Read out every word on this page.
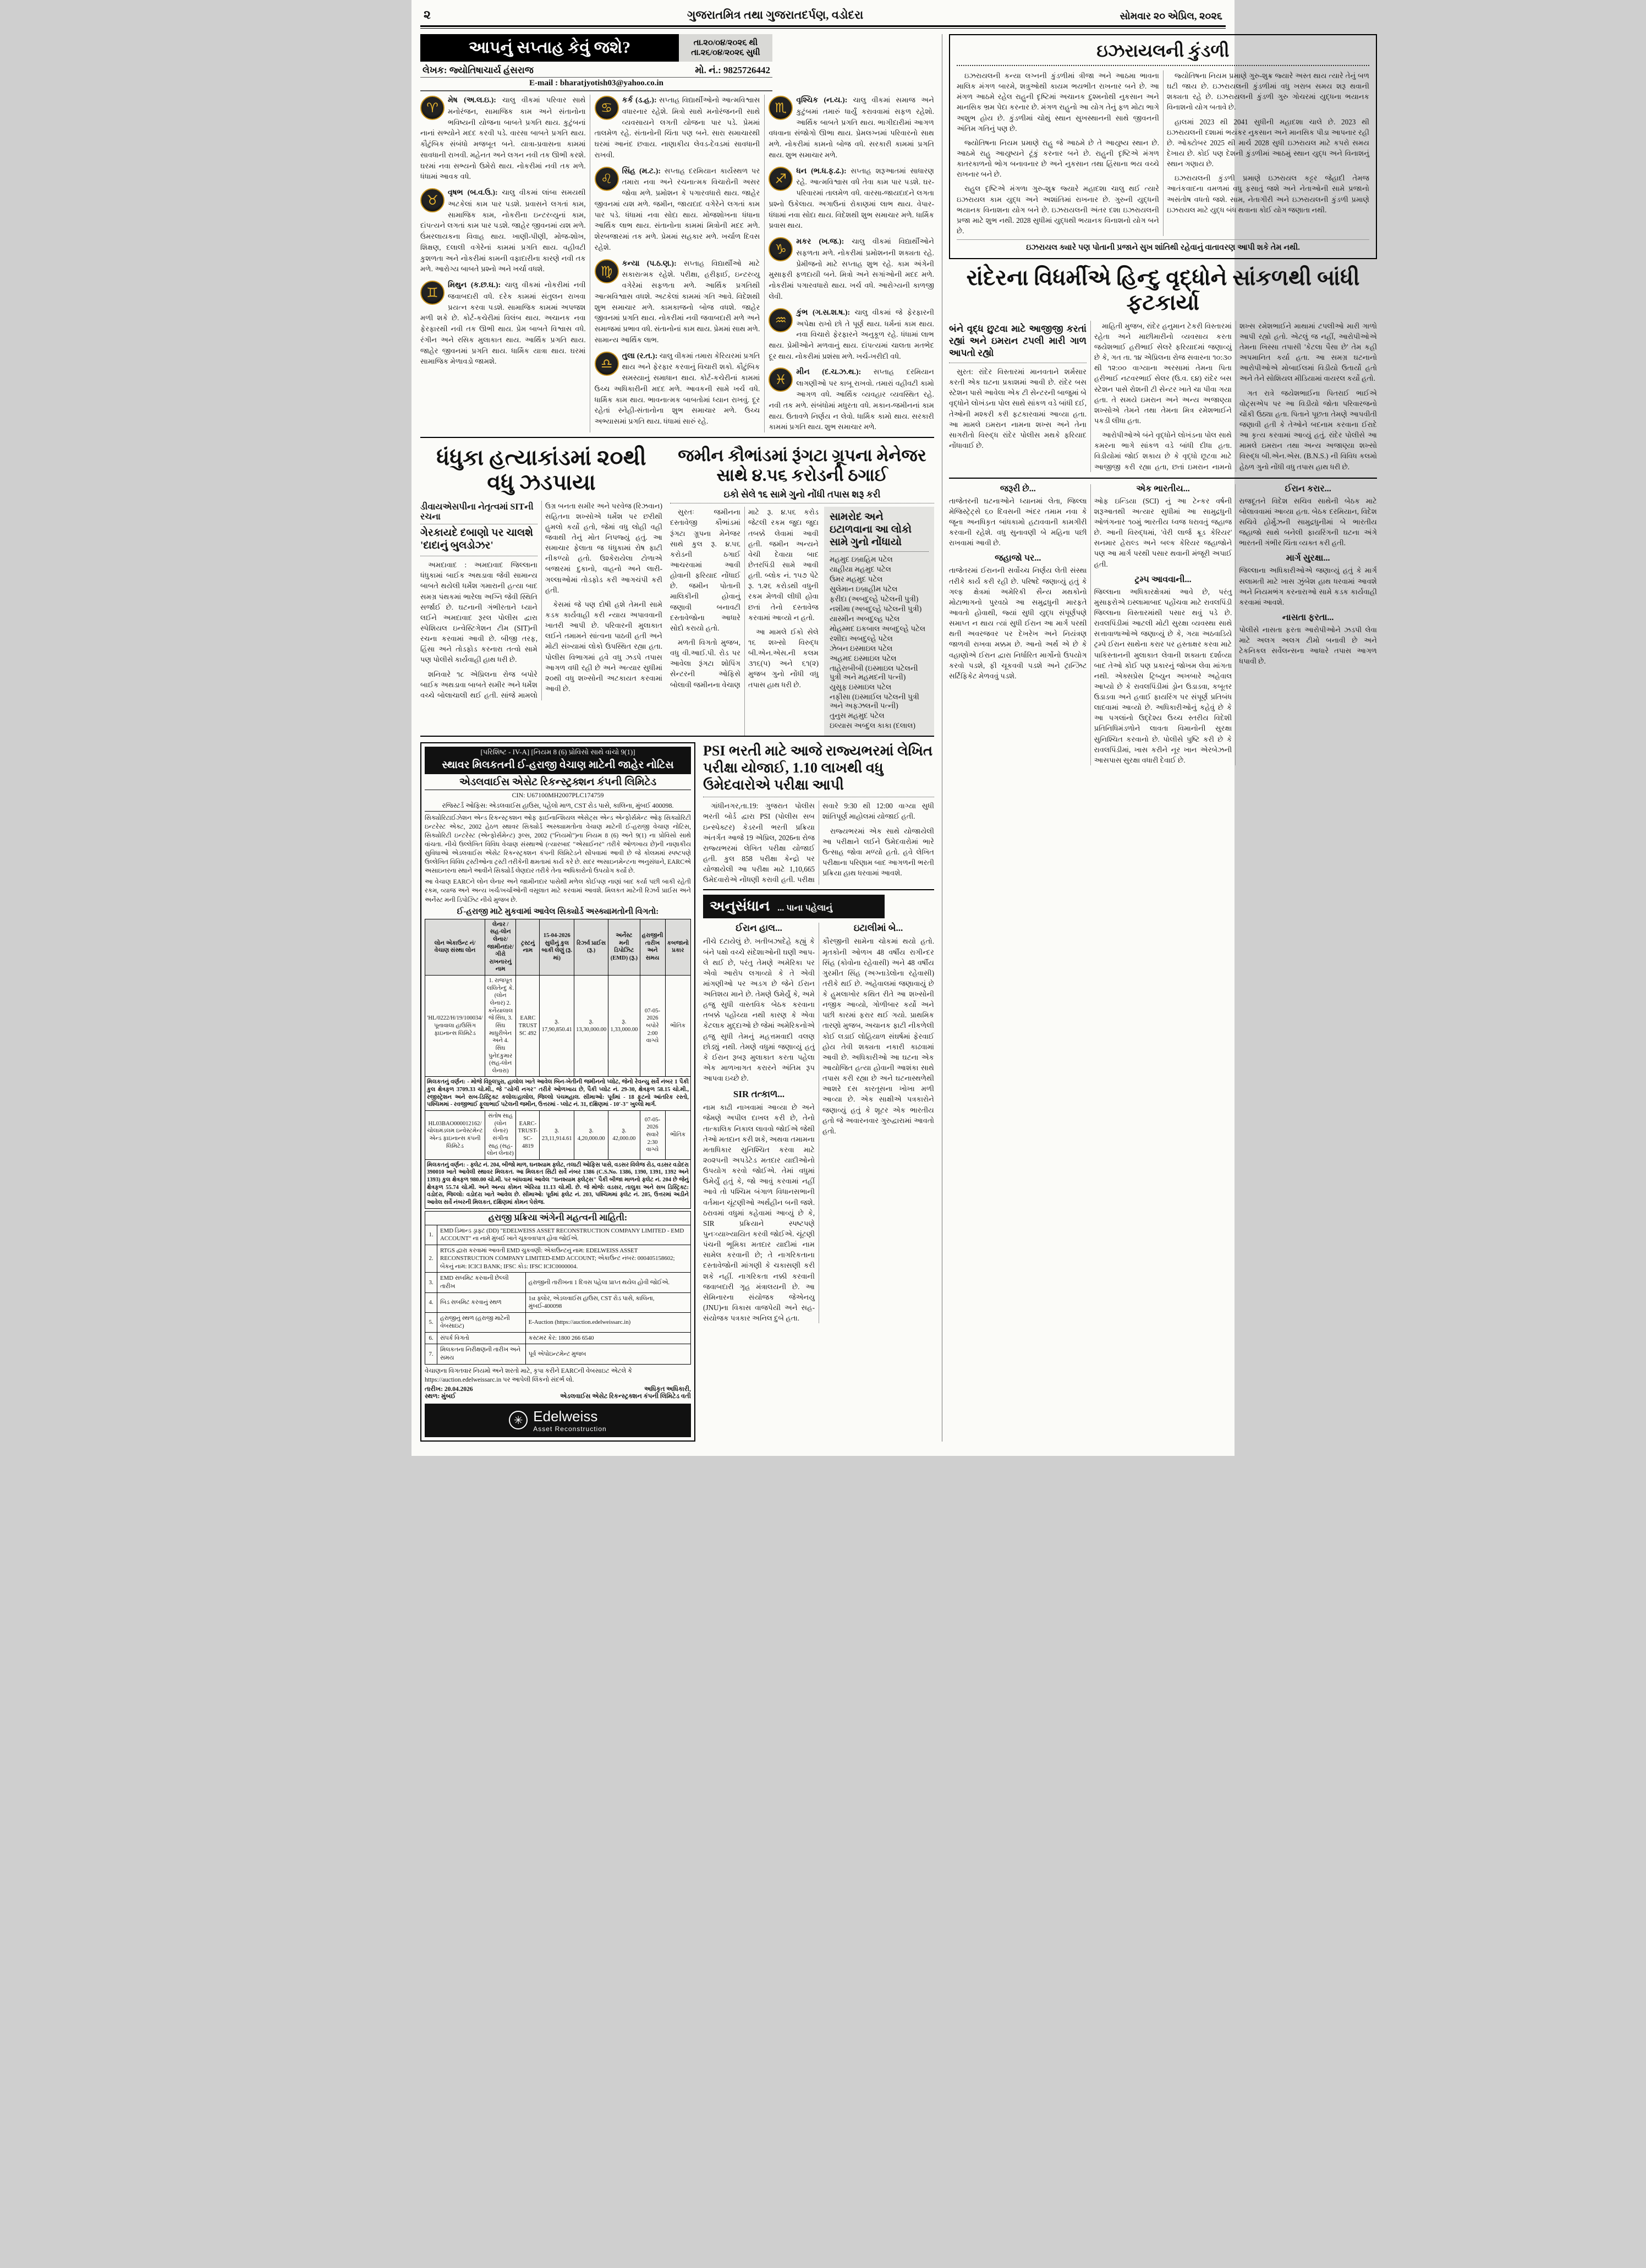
૨	ગુજરાતમિત્ર તથા ગુજરાતદર્પણ, વડોદરા	સોમવાર ૨૦ એપ્રિલ, ૨૦૨૬
આપનું સપ્તાહ કેવું જશે?	તા.૨૦/૦૪/૨૦૨૬ થી તા.૨૬/૦૪/૨૦૨૬ સુધી
લેખક: જ્યોતિષાચાર્ય હંસરાજ	મો. નં.: 9825726442
E-mail : bharatjyotish03@yahoo.co.in
♈ મેષ (અ.લ.ઇ.): ચાલુ વીકમાં પરિવાર સાથે મનોરંજન, સામાજિક કામ અને સંતાનોના ભવિષ્યની યોજના બાબતે પ્રગતિ થાય. કુટુંબનાં નાનાં સભ્યોને મદદ કરવી પડે. વારસા બાબતે પ્રગતિ થાય. કૌટુંબિક સંબંધો મજબૂત બને. યાત્રા-પ્રવાસના કામમાં સાવધાની રાખવી. મહેનત અને લગન નવી તક ઊભી કરશે. ઘરમાં નવા સભ્યનો ઉમેરો થાય. નોકરીમાં નવી તક મળે. ધંધામાં આવક વધે.
♉ વૃષભ (બ.વ.ઉ.): ચાલુ વીકમાં લાંબા સમયથી અટકેલાં કામ પાર પડશે. પ્રવાસને લગતાં કામ, સામાજિક કામ, નોકરીના ઇન્ટરવ્યુનાં કામ, દાંપત્યને લગતાં કામ પાર પડશે. જાહેર જીવનમાં યશ મળે. ઉંમરલાયકના વિવાહ થાય. ખાણી-પીણી, મોજ-શોખ, શિક્ષણ, દલાલી વગેરેનાં કામમાં પ્રગતિ થાય. વહીવટી કુશળતા અને નોકરીમાં કામની વફાદારીના કારણે નવી તક મળે. આરોગ્ય બાબતે પ્રશ્નો અને ખર્ચા વધશે.
♊ મિથુન (ક.છ.ઘ.): ચાલુ વીકમાં નોકરીમાં નવી જવાબદારી વધે. દરેક કામમાં સંતુલન રાખવા પ્રયત્ન કરવા પડશે. સામાજિક કામમાં અપજશ મળી શકે છે. કોર્ટ-કચેરીમાં વિલંબ થાય. અચાનક નવા ફેરફારથી નવી તક ઊભી થાય. પ્રેમ બાબતે વિશ્વાસ વધે. રંગીન અને રસિક મુલાકાત થાય. આર્થિક પ્રગતિ થાય. જાહેર જીવનમાં પ્રગતિ થાય. ધાર્મિક યાત્રા થાય. ઘરમાં સામાજિક મેળાવડો જામશે.
♋ કર્ક (ડ.હ.): સપ્તાહ વિદ્યાર્થીઓનો આત્મવિશ્વાસ વધારનાર રહેશે. મિત્રો સાથે મનોરંજનની સાથે વ્યવસાયને લગતી યોજના પાર પડે. પ્રેમમાં તાલમેળ રહે. સંતાનોની ચિંતા પણ બને. સારા સમાચારથી ઘરમાં આનંદ છવાય. નાણાકીય લેવડ-દેવડમાં સાવધાની રાખવી.
♌ સિંહ (મ.ટ.): સપ્તાહ દરમિયાન કાર્યસ્થળ પર તમારા નવા અને રચનાત્મક વિચારોની અસર જોવા મળે. પ્રમોશન કે પગારવધારો થાય. જાહેર જીવનમાં યશ મળે. જમીન, જાયદાદ વગેરેને લગતાં કામ પાર પડે. ધંધામાં નવા સોદા થાય. મોજશોખના ધંધાના આર્થિક લાભ થાય. સંતાનોના કામમાં મિત્રોની મદદ મળે. શેરબજારમાં તક મળે. પ્રેમમાં સહકાર મળે. ખર્ચાળ દિવસ રહેશે.
♍ કન્યા (પ.ઠ.ણ.): સપ્તાહ વિદ્યાર્થીઓ માટે સકારાત્મક રહેશે. પરીક્ષા, હરીફાઈ, ઇન્ટરવ્યુ વગેરેમાં સફળતા મળે. આર્થિક પ્રગતિથી આત્મવિશ્વાસ વધશે. અટકેલાં કામમાં ગતિ આવે. વિદેશથી શુભ સમાચાર મળે. કામકાજનો બોજ વધશે. જાહેર જીવનમાં પ્રગતિ થાય. નોકરીમાં નવી જવાબદારી મળે અને સમાજમાં પ્રભાવ વધે. સંતાનોનાં કામ થાય. પ્રેમમાં સાથ મળે. સામાન્ય આર્થિક લાભ.
♎ તુલા (ર.ત.): ચાલુ વીકમાં તમારા કેરિયરમાં પ્રગતિ થાય અને ફેરફાર કરવાનું વિચારી શકો. કૌટુંબિક સમસ્યાનું સમાધાન થાય. કોર્ટ-કચેરીનાં કામમાં ઉચ્ચ અધિકારીની મદદ મળે. આવકની સામે ખર્ચ વધે. ધાર્મિક કામ થાય. ભાવનાત્મક બાબતોમાં ધ્યાન રાખવું. દૂર રહેતાં સ્નેહી-સંતાનોના શુભ સમાચાર મળે. ઉચ્ચ અભ્યાસમાં પ્રગતિ થાય. ધંધામાં સારું રહે.
♏ વૃશ્ચિક (ન.ય.): ચાલુ વીકમાં સમાજ અને કુટુંબમાં તમારું ધાર્યું કરાવવામાં સફળ રહેશો. આર્થિક બાબતે પ્રગતિ થાય. ભાગીદારીમાં આગળ વધવાના સંજોગો ઊભા થાય. પ્રેમલગ્નમાં પરિવારનો સાથ મળે. નોકરીમાં કામનો બોજ વધે. સરકારી કામમાં પ્રગતિ થાય. શુભ સમાચાર મળે.
♐ ધન (ભ.ધ.ફ.ઢ.): સપ્તાહ શરૂઆતમાં સાધારણ રહે. આત્મવિશ્વાસ વધે તેવા કામ પાર પડશે. ઘર-પરિવારમાં તાલમેળ વધે. વારસા-જાયદાદને લગતા પ્રશ્નો ઉકેલાય. અગાઉનાં રોકાણમાં લાભ થાય. વેપાર-ધંધામાં નવા સોદા થાય. વિદેશથી શુભ સમાચાર મળે. ધાર્મિક પ્રવાસ થાય.
♑ મકર (ખ.જ.): ચાલુ વીકમાં વિદ્યાર્થીઓને સફળતા મળે. નોકરીમાં પ્રમોશનની શક્યતા રહે. પ્રેમીજનો માટે સપ્તાહ શુભ રહે. કામ અંગેની મુસાફરી ફળદાયી બને. મિત્રો અને સગાંઓની મદદ મળે. નોકરીમાં પગારવધારો થાય. ખર્ચ વધે. આરોગ્યની કાળજી લેવી.
♒ કુંભ (ગ.સ.શ.ષ.): ચાલુ વીકમાં જે ફેરફારની અપેક્ષા રાખો છો તે પૂર્ણ થાય. ધર્મનાં કામ થાય. નવા વિચારો ફેરફારને અનુકૂળ રહે. ધંધામાં લાભ થાય. પ્રેમીઓને મળવાનું થાય. દાંપત્યમાં ચાલતા મતભેદ દૂર થાય. નોકરીમાં પ્રશંસા મળે. ખર્ચ-ખરીદી વધે.
♓ મીન (દ.ચ.ઝ.થ.): સપ્તાહ દરમિયાન લાગણીઓ પર કાબૂ રાખવો. તમારાં વહીવટી કામો આગળ વધે. આર્થિક વ્યવહાર વ્યવસ્થિત રહે. નવી તક મળે. સંબંધોમાં મધુરતા વધે. મકાન-જમીનનાં કામ થાય. ઉતાવળે નિર્ણય ન લેવો. ધાર્મિક કામો થાય. સરકારી કામમાં પ્રગતિ થાય. શુભ સમાચાર મળે.
ધંધુકા હત્યાકાંડમાં ૨૦થી વધુ ઝડપાયા
ડીવાયએસપીના નેતૃત્વમાં SITની રચના
ગેરકાયદે દબાણો પર ચાલશે 'દાદાનું બુલડોઝર'

અમદાવાદ : અમદાવાદ જિલ્લાના ધંધુકામાં બાઈક અથડાવા જેવી સામાન્ય બાબતે થયેલી ધર્મેશ ગમારાની હત્યા બાદ સમગ્ર પંથકમાં ભારેલા અગ્નિ જેવી સ્થિતિ સર્જાઈ છે. ઘટનાની ગંભીરતાને ધ્યાને લઈને અમદાવાદ રૂરલ પોલીસ દ્વારા સ્પેશિયલ ઇન્વેસ્ટિગેશન ટીમ (SIT)ની રચના કરવામાં આવી છે. બીજી તરફ, હિંસા અને તોડફોડ કરનારા તત્વો સામે પણ પોલીસે કાર્યવાહી હાથ ધરી છે.

શનિવારે ૧૮ એપ્રિલના રોજ બપોરે બાઈક અથડાવા બાબતે સમીર અને ધર્મેશ વચ્ચે બોલાચાલી થઈ હતી. સાંજે મામલો ઉગ્ર બનતા સમીર અને પરવેજ (રિઝવાન) સહિતના શખ્સોએ ધર્મેશ પર છરીથી હુમલો કર્યો હતો, જેમાં વધુ લોહી વહી જવાથી તેનું મોત નિપજ્યું હતું. આ સમાચાર ફેલાતા જ ધંધુકામાં રોષ ફાટી નીકળ્યો હતો. ઉશ્કેરાયેલા ટોળાએ બજારમાં દુકાનો, વાહનો અને લારી-ગલ્લાઓમાં તોડફોડ કરી આગચંપી કરી હતી.

કેસમાં જે પણ દોષી હશે તેમની સામે કડક કાર્યવાહી કરી ન્યાય અપાવવાની ખાતરી આપી છે. પરિવારની મુલાકાત લઈને તમામને સાંત્વના પાઠવી હતી અને મોટી સંખ્યામાં લોકો ઉપસ્થિત રહ્યા હતા. પોલીસ વિભાગમાં હવે વધુ ઝડપે તપાસ આગળ વધી રહી છે અને અત્યાર સુધીમાં ૨૦થી વધુ શખ્સોની અટકાયત કરવામાં આવી છે.

જમીન કૌભાંડમાં રૂંગટા ગ્રૂપના મેનેજર સાથે ૪.૫૬ કરોડની ઠગાઈ
ઇકો સેલે ૧૬ સામે ગુનો નોંધી તપાસ શરૂ કરી

સુરતઃ જમીનના દસ્તાવેજી કૌભાંડમાં રૂંગટા ગ્રૂપના મેનેજર સાથે કુલ રૂ. ૪.૫૬ કરોડની ઠગાઈ આચરવામાં આવી હોવાની ફરિયાદ નોંધાઈ છે. જમીન પોતાની માલિકીની હોવાનું જણાવી બનાવટી દસ્તાવેજોના આધારે સોદો કરાયો હતો.

મળતી વિગતો મુજબ, વધુ વી.આઈ.પી. રોડ પર આવેલા રૂંગટા શોપિંગ સેન્ટરની ઓફિસે બોલાવી જમીનના વેચાણ માટે રૂ. ૪.૫૬ કરોડ જેટલી રકમ જુદા જુદા તબક્કે લેવામાં આવી હતી. જમીન અન્યને વેચી દેવાયા બાદ છેતરપિંડી સામે આવી હતી. બ્લોક નં. ૧૫૭ પેટે રૂ. ૧.૨૬ કરોડથી વધુની રકમ મેળવી લીધી હોવા છતાં તેનો દસ્તાવેજ કરવામાં આવ્યો ન હતો.

આ મામલે ઈકો સેલે ૧૬ શખ્સો વિરુદ્ધ બી.એન.એસ.ની કલમ ૩૧૬(૫) અને ૬૧(૨) મુજબ ગુનો નોંધી વધુ તપાસ હાથ ધરી છે.

સામરોદ અને ઇટાળવાના આ લોકો સામે ગુનો નોંધાયો
મહમુદ ઇબ્રાહિમ પટેલ
યાહીયા મહમુદ પટેલ
ઉમર મહમુદ પટેલ
સુલેમાન ઇબ્રાહીમ પટેલ
ફરીદા (અબદુલ્હે પટેલની પુત્રી)
નશીમા (અબદુલ્હે પટેલની પુત્રી)
યાસ્મીન અબદુલ્હ પટેલ
મોહમ્મદ ઇકબાલ અબદુલ્હે પટેલ
રશીદા અબદુલ્હે પટેલ
ઝેબન ઇસ્માઇલ પટેલ
અહમદ ઇસ્માઇલ પટેલ
તાહેરાબીબી (ઇસ્માઇલ પટેલની પુત્રી અને મહમદની પત્ની)
યુસુફ ઇસ્માઇલ પટેલ
નફીસા (ઇસ્માઈલ પટેલની પુત્રી અને અફઝલની પત્ની)
તુનુસ મહમુદ પટેલ
ઇલ્યાસ અબ્દુલ કાકા (દલાલ)
[પરિશિષ્ટ - IV-A] [નિયમ 8 (6) પ્રોવિસો સાથે વાંચો 9(1)]
સ્થાવર મિલકતની ઈ-હરાજી વેચાણ માટેની જાહેર નોટિસ
એડલવાઈસ એસેટ રિકન્સ્ટ્રક્શન કંપની લિમિટેડ
CIN: U67100MH2007PLC174759
રજિસ્ટર્ડ ઓફિસ: એડલવાઈસ હાઉસ, પહેલો માળ, CST રોડ પાસે, કાલિના, મુંબઈ 400098.

સિક્યોરિટાઈઝેશન એન્ડ રિકન્સ્ટ્રક્શન ઓફ ફાઈનાન્શિયલ એસેટ્સ એન્ડ એન્ફોર્સમેન્ટ ઓફ સિક્યોરિટી ઇન્ટરેસ્ટ એક્ટ, 2002 હેઠળ સ્થાવર સિક્યોર્ડ અસ્ક્યામતોના વેચાણ માટેની ઈ-હરાજી વેચાણ નોટિસ, સિક્યોરિટી ઇન્ટરેસ્ટ (એન્ફોર્સમેન્ટ) રૂલ્સ, 2002 ("નિયમો")ના નિયમ 8 (6) અને 9(1) ના પ્રોવિસો સાથે વાંચતા. નીચે ઉલ્લેખિત વિવિધ વેચાણ સંસ્થાઓ (ત્યારબાદ "એસાઈનર" તરીકે ઓળખાય છે)ની નાણાકીય સુવિધાઓ એડલવાઈસ એસેટ રિકન્સ્ટ્રક્શન કંપની લિમિટેડને સોંપવામાં આવી છે જે કોલમમાં સ્પષ્ટપણે ઉલ્લેખિત વિવિધ ટ્રસ્ટીઓના ટ્રસ્ટી તરીકેની ક્ષમતામાં કાર્ય કરે છે. સદર અસાઇનમેન્ટના અનુસંધાને, EARCએ અસાઇનરના સ્થાને આવીને સિક્યોર્ડ લેણદાર તરીકે તેના અધિકારોનો ઉપયોગ કર્યો છે.

આ વેચાણ EARCને લોન લેનાર અને જામીનદાર પાસેથી મળેલ કોઈપણ નાણાં બાદ કર્યા પછી બાકી રહેતી રકમ, વ્યાજ અને અન્ય ખર્ચ/ખર્ચાઓની વસૂલાત માટે કરવામાં આવશે. મિલકત માટેની રિઝર્વ પ્રાઈસ અને અર્નેસ્ટ મની ડિપોઝિટ નીચે મુજબ છે.

ઈ-હરાજી માટે મુકવામાં આવેલ સિક્યોર્ડ અસ્ક્યામતોની વિગતો:
લોન એકાઉન્ટ નં/ વેચાણ સંસ્થા લોન	લેનાર / સહ-લોન લેનાર/ જામીનદાર/ ગીરો રાખનારનું નામ	ટ્રસ્ટનું નામ	15-04-2026 સુધીનું કુલ બાકી લેણું (રૂ. માં)	રિઝર્વ પ્રાઈસ (રૂ.)	અર્નેસ્ટ મની ડિપોઝિટ (EMD) (રૂ.)	હરાજીની તારીખ અને સમય	કબજાનો પ્રકાર
'HL/0222/H/19/100034/ પૂનાવાલા હાઉસિંગ ફાઇનાન્સ લિમિટેડ	1. રાજપૂત લલિતેન્દુ કે. (લોન લેનાર) 2. કનૈયાલાલ જે સિંઘ, 3. સિંઘ માધુરીબેન અને 4. સિંઘ પુનેદકુમાર (સહ-લોન લેનારા)	EARC TRUST SC 492	રૂ. 17,90,850.41	રૂ. 13,30,000.00	રૂ. 1,33,000.00	07-05-2026 બપોરે 2:00 વાગ્યે	ભૌતિક
મિલકતનું વર્ણન: - મોજે વિઠ્ઠલપુરા, હાલોલ ખાતે આવેલ બિન-ખેતીની જમીનનો પ્લોટ, જેનો રેવન્યુ સર્વે નંબર 1 પૈકી કુલ ક્ષેત્રફળ 3709.33 ચો.મી., જે "યોગી નગર" તરીકે ઓળખાય છે, પૈકી પ્લોટ નં. 29-30, ક્ષેત્રફળ 58.15 ચો.મી., રજીસ્ટ્રેશન અને સબ-ડિસ્ટ્રિક્ટ કલોલ/હાલોલ, જિલ્લો પંચમહાલ. સીમાઓ: પૂર્વમાં - 18 ફૂટનો આંતરિક રસ્તો, પશ્ચિમમાં - રવજીભાઈ ફૂલાભાઈ પટેલની જમીન, ઉત્તરમાં - પ્લોટ નં. 31, દક્ષિણમાં - 10'-3" ખુલ્લો માર્ગ.							
HL03BAO000012162/ ચોલામંડલમ ઇન્વેસ્ટમેન્ટ એન્ડ ફાઇનાન્સ કંપની લિમિટેડ	સંતોષ સાહ (લોન લેનાર) સંગીતા સાહ (સહ-લોન લેનાર)	EARC-TRUST-SC-4819	રૂ. 23,11,914.61	રૂ. 4,20,000.00	રૂ. 42,000.00	07-05-2026 સવારે 2:30 વાગ્યે	ભૌતિક
મિલકતનું વર્ણન: - ફ્લેટ નં. 204, બીજો માળ, ઘનશ્યામ ફ્લેટ, તલાટી ઓફિસ પાસે, વડસર વિલેજ રોડ, વડસર વડોદરા 390010 ખાતે આવેલી સ્થાવર મિલકત. આ મિલકત સિટી સર્વે નંબર 1386 (C.S.No. 1386, 1390, 1391, 1392 અને 1393) કુલ ક્ષેત્રફળ 980.00 ચો.મી. પર બાંધવામાં આવેલ "ઘનશ્યામ ફ્લેટ્સ" પૈકી બીજા માળનો ફ્લેટ નં. 204 છે જેનું ક્ષેત્રફળ 55.74 ચો.મી. અને અન્ય કોમન એરિયા 11.13 ચો.મી. છે. જે મોજે: વડસર, તાલુકા અને સબ ડિસ્ટ્રિક્ટ: વડોદરા, જિલ્લો: વડોદરા ખાતે આવેલ છે. સીમાઓ: પૂર્વમાં ફ્લેટ નં. 203, પશ્ચિમમાં ફ્લેટ નં. 205, ઉત્તરમાં અડીને આવેલ સર્વે નંબરની મિલકત, દક્ષિણમાં કોમન પેસેજ.							
હરાજી પ્રક્રિયા અંગેની મહત્વની માહિતી:
1.	EMD ડિમાન્ડ ડ્રાફ્ટ (DD) "EDELWEISS ASSET RECONSTRUCTION COMPANY LIMITED - EMD ACCOUNT" ના નામે મુંબઈ ખાતે ચૂકવવાપાત્ર હોવા જોઈએ.	
2.	RTGS દ્વારા કરવામાં આવતી EMD ચુકવણી: એકાઉન્ટનું નામ: EDELWEISS ASSET RECONSTRUCTION COMPANY LIMITED-EMD ACCOUNT; એકાઉન્ટ નંબર: 000405158602; બેંકનું નામ: ICICI BANK; IFSC કોડ: IFSC ICIC0000004.	
3.	EMD સબમિટ કરવાની છેલ્લી તારીખ	હરાજીની તારીખના 1 દિવસ પહેલા પ્રાપ્ત થયેલ હોવી જોઈએ.
4.	બિડ સબમિટ કરવાનું સ્થળ	1st ફ્લોર, એડલવાઈસ હાઉસ, CST રોડ પાસે, કાલિના, મુંબઈ-400098
5.	હરાજીનું સ્થળ (હરાજી માટેની વેબસાઇટ)	E-Auction (https://auction.edelweissarc.in)
6.	સંપર્ક વિગતો	કસ્ટમર કેર: 1800 266 6540
7.	મિલકતના નિરીક્ષણની તારીખ અને સમય	પૂર્વ એપોઇન્ટમેન્ટ મુજબ

વેચાણના વિગતવાર નિયમો અને શરતો માટે, કૃપા કરીને EARCની વેબસાઇટ એટલે કે https://auction.edelweissarc.in પર આપેલી લિંકનો સંદર્ભ લો.

તારીખ: 20.04.2026
સ્થળ: મુંબઈ
અધિકૃત અધિકારી,
એડલવાઈસ એસેટ રિકન્સ્ટ્રક્શન કંપની લિમિટેડ વતી
✳ Edelweiss
Asset Reconstruction
PSI ભરતી માટે આજે રાજ્યભરમાં લેખિત પરીક્ષા યોજાઈ, 1.10 લાખથી વધુ ઉમેદવારોએ પરીક્ષા આપી

ગાંધીનગર,તા.19: ગુજરાત પોલીસ ભરતી બોર્ડ દ્વારા PSI (પોલીસ સબ ઇન્સ્પેક્ટર) કેડરની ભરતી પ્રક્રિયા અંતર્ગત આજે 19 એપ્રિલ, 2026ના રોજ રાજ્યભરમાં લેખિત પરીક્ષા યોજાઈ હતી. કુલ 858 પરીક્ષા કેન્દ્રો પર યોજાયેલી આ પરીક્ષા માટે 1,10,665 ઉમેદવારોએ નોંધણી કરાવી હતી. પરીક્ષા સવારે 9:30 થી 12:00 વાગ્યા સુધી શાંતિપૂર્ણ માહોલમાં યોજાઈ હતી.

રાજ્યભરમાં એક સાથે યોજાયેલી આ પરીક્ષાને લઈને ઉમેદવારોમાં ભારે ઉત્સાહ જોવા મળ્યો હતો. હવે લેખિત પરીક્ષાના પરિણામ બાદ આગળની ભરતી પ્રક્રિયા હાથ ધરવામાં આવશે.

અનુસંધાન ... પાના પહેલાનું
ઈરાન હાલ...

નીચે દટાયેલું છે. ખતીબઝાદેહે કહ્યું કે બંને પક્ષો વચ્ચે સંદેશાઓની ઘણી આપ-લે થઈ છે, પરંતુ તેમણે અમેરિકા પર એવો આરોપ લગાવ્યો કે તે એવી માંગણીઓ પર અડગ છે જેને ઈરાન અતિશય માને છે. તેમણે ઉમેર્યું કે, અમે હજુ સુધી વાસ્તવિક બેઠક કરવાના તબક્કે પહોંચ્યા નથી કારણ કે એવા કેટલાક મુદ્દાઓ છે જેમાં અમેરિકનોએ હજુ સુધી તેમનું મહત્તમવાદી વલણ છોડ્યું નથી. તેમણે વધુમાં જણાવ્યું હતું કે ઈરાન રૂબરૂ મુલાકાત કરતા પહેલા એક માળખાગત કરારને અંતિમ રૂપ આપવા ઇચ્છે છે.

SIR તત્કાળ...

નામ કાઢી નાખવામાં આવ્યા છે અને જેમણે અપીલ દાખલ કરી છે, તેનો તાત્કાલિક નિકાલ લાવવો જોઈએ જેથી તેઓ મતદાન કરી શકે, અથવા તમામના મતાધિકાર સુનિશ્ચિત કરવા માટે ૨૦૨૫ની અપડેટેડ મતદાર યાદીઓનો ઉપયોગ કરવો જોઈએ. તેમાં વધુમાં ઉમેર્યું હતું કે, જો આવું કરવામાં નહીં આવે તો પશ્ચિમ બંગાળ વિધાનસભાની વર્તમાન ચૂંટણીઓ અર્થહીન બની જશે. ઠરાવમાં વધુમાં કહેવામાં આવ્યું છે કે, SIR પ્રક્રિયાને સ્પષ્ટપણે પુનઃવ્યાખ્યાયિત કરવી જોઈએ. ચૂંટણી પંચની ભૂમિકા મતદાર યાદીમાં નામ સામેલ કરવાની છે; તે નાગરિકતાના દસ્તાવેજોની માંગણી કે ચકાસણી કરી શકે નહીં. નાગરિકતા નક્કી કરવાની જવાબદારી ગૃહ મંત્રાલયની છે. આ સેમિનારના સંયોજક જેએનયુ (JNU)ના વિકાસ વાજપેયી અને સહ-સંયોજક પત્રકાર અનિલ દુબે હતા.

ઇટાલીમાં બે...

કૌરજીની સામેના ચોકમાં થયો હતો. મૃતકોની ઓળખ 48 વર્ષીય રાગીન્દર સિંહ (કોવોના રહેવાસી) અને 48 વર્ષીય ગુરમીત સિંહ (અગ્નાડેલોના રહેવાસી) તરીકે થઈ છે. અહેવાલમાં જણાવાયું છે કે હુમલાખોર કથિત રીતે આ શખ્સોની નજીક આવ્યો, ગોળીબાર કર્યો અને પછી કારમાં ફરાર થઈ ગયો. પ્રાથમિક તારણો મુજબ, અચાનક ફાટી નીકળેલી કોઈ લડાઈ લોહિયાળ સંઘર્ષમાં ફેરવાઈ હોય તેવી શક્યતા નકારી કાઢવામાં આવી છે. અધિકારીઓ આ ઘટના એક આયોજિત હત્યા હોવાની આશંકા સાથે તપાસ કરી રહ્યા છે અને ઘટનાસ્થળેથી આશરે દસ કારતૂસના ખોખા મળી આવ્યા છે. એક સાક્ષીએ પત્રકારોને જણાવ્યું હતું કે શૂટર એક ભારતીય હતો જે અવારનવાર ગુરુદ્વારામાં આવતો હતો.

ઇઝરાયલની કુંડળી

ઇઝરાયલની કન્યા લગ્નની કુંડળીમાં ત્રીજા અને આઠમા ભાવના માલિક મંગળ બારમે, શત્રુઓથી કાયમ ભયભીત રાખનાર બને છે. આ મંગળ આઠમે રહેલ રાહુની દૃષ્ટિમાં અચાનક દુશ્મનોથી નુકસાન અને માનસિક ભ્રમ પેદા કરનાર છે. મંગળ રાહુનો આ યોગ તેનું ફળ મોટા ભાગે અશુભ હોય છે. કુંડળીમાં ચોથું સ્થાન સુખસ્થાનની સાથે જીવનની અંતિમ ગતિનું પણ છે.

જ્યોતિષના નિયમ પ્રમાણે રાહુ જે આઠમે છે તે આયુષ્ય સ્થાન છે. આઠમે રાહુ આયુષ્યને ટૂંકું કરનાર બને છે. રાહુની દૃષ્ટિએ મંગળ કાતરકાળનો ભોગ બનાવનાર છે અને નુકસાન તથા હિંસાના ભય વચ્ચે રાખનાર બને છે.

રાહુલ દૃષ્ટિએ મંગળા ગુરુ-શુક્ર જ્યારે મહાદશા ચાલુ થઈ ત્યારે ઇઝરાયલ કામ યુદ્ધ અને અશાંતિમાં રાખનાર છે. ગુરુની યુદ્ધની ભયાનક વિનાશના યોગ બને છે. ઇઝરાયલની અંતર દશા ઇઝરાયલની પ્રજા માટે શુભ નથી. 2028 સુધીમાં યુદ્ધથી ભયાનક વિનાશનો યોગ બને છે.

જ્યોતિષના નિયમ પ્રમાણે ગુરુ-શુક્ર જ્યારે અસ્ત થાય ત્યારે તેનું બળ ઘટી જાય છે. ઇઝરાયલની કુંડળીમાં વધુ ખરાબ સમય શરૂ થવાની શક્યતા રહે છે. ઇઝરાયલની કુંડળી ગુરુ ગોચરમાં યુદ્ધના ભયાનક વિનાશનો યોગ બતાવે છે.

હાલમાં 2023 થી 2041 સુધીની મહાદશા ચાલે છે. 2023 થી ઇઝરાયલની દશામાં ભયંકર નુકસાન અને માનસિક પીડા આપનાર રહી છે. ઓક્ટોબર 2025 થી માર્ચ 2028 સુધી ઇઝરાયલ માટે કપરો સમય દેખાય છે. કોઈ પણ દેશની કુંડળીમાં આઠમું સ્થાન યુદ્ધ અને વિનાશનું સ્થાન ગણાય છે.

ઇઝરાયલની કુંડળી પ્રમાણે ઇઝરાયલ કટ્ટર જેહાદી તેમજ આતંકવાદના વમળમાં વધુ ફસાતું જશે અને નેતાઓની સામે પ્રજાનો અસંતોષ વધતો જશે. સામ, નેતાગીરી અને ઇઝરાયલની કુંડળી પ્રમાણે ઇઝરાયલ માટે યુદ્ધ બંધ થવાના કોઈ યોગ જણાતા નથી.

ઇઝરાયલ ક્યારે પણ પોતાની પ્રજાને સુખ શાંતિથી રહેવાનું વાતાવરણ આપી શકે તેમ નથી.
રાંદેરના વિધર્મીએ હિન્દુ વૃદ્ધોને સાંકળથી બાંધી ફટકાર્યા
બંને વૃદ્ધ છુટવા માટે આજીજી કરતાં રહ્યાં અને ઇમરાન ટપલી મારી ગાળ આપતો રહ્યો

સુરત: રાંદેર વિસ્તારમાં માનવતાને શર્મસાર કરતી એક ઘટના પ્રકાશમાં આવી છે. રાંદેર બસ સ્ટેશન પાસે આવેલા એક ટી સેન્ટરની બાજુમાં બે વૃદ્ધોને લોખંડના પોલ સાથે સાંકળ વડે બાંધી દઈ, તેઓની મશ્કરી કરી ફટકારવામાં આવ્યા હતા. આ મામલે ઇમરાન નામના શખ્સ અને તેના સાગરીતો વિરુદ્ધ રાંદેર પોલીસ મથકે ફરિયાદ નોંધાવાઈ છે.

માહિતી મુજબ, રાંદેર હનુમાન ટેકરી વિસ્તારમાં રહેતા અને માછીમારીનો વ્યવસાય કરતા જયેશભાઈ હરીભાઈ સેલરે ફરિયાદમાં જણાવ્યું છે કે, ગત તા. ૧૪ એપ્રિલના રોજ સવારના ૧૦:૩૦ થી ૧૨:૦૦ વાગ્યાના અરસામાં તેમના પિતા હરીભાઈ નટવરભાઈ સેલર (ઉ.વ. ૬૪) રાંદેર બસ સ્ટેશન પાસે રોશની ટી સેન્ટર ખાતે ચા પીવા ગયા હતા. તે સમયે ઇમરાન અને અન્ય અજાણ્યા શખ્સોએ તેમને તથા તેમના મિત્ર રમેશભાઈને પકડી લીધા હતા.

આરોપીઓએ બંને વૃદ્ધોને લોખંડના પોલ સાથે કમરના ભાગે સાંકળ વડે બાંધી દીધા હતા. વિડીયોમાં જોઈ શકાય છે કે વૃદ્ધો છૂટવા માટે આજીજી કરી રહ્યા હતા, છતાં ઇમરાન નામનો શખ્સ રમેશભાઈને માથામાં ટપલીઓ મારી ગાળો આપી રહ્યો હતો. એટલું જ નહીં, આરોપીઓએ તેમના ખિસ્સા તપાસી 'કેટલા પૈસા છે' તેમ કહી અપમાનિત કર્યા હતા. આ સમગ્ર ઘટનાનો આરોપીઓએ મોબાઈલમાં વિડીયો ઉતાર્યો હતો અને તેને સોશિયલ મીડિયામાં વાયરલ કર્યો હતો.

ગત રાત્રે જયેશભાઈના પિતરાઈ ભાઈએ વોટ્સએપ પર આ વિડીયો જોતા પરિવારજનો ચોંકી ઉઠ્યા હતા. પિતાને પૂછતા તેમણે આપવીતી જણાવી હતી કે તેઓને બદનામ કરવાના ઈરાદે આ કૃત્ય કરવામાં આવ્યું હતું. રાંદેર પોલીસે આ મામલે ઇમરાન તથા અન્ય અજાણ્યા શખ્સો વિરુદ્ધ બી.એન.એસ. (B.N.S.) ની વિવિધ કલમો હેઠળ ગુનો નોંધી વધુ તપાસ હાથ ધરી છે.

જરૂરી છે...

તાજેતરની ઘટનાઓને ધ્યાનમાં લેતા, જિલ્લા મેજિસ્ટ્રેટ્સે ૬૦ દિવસની અંદર તમામ નવા કે જૂના અનધિકૃત બાંધકામો હટાવવાની કામગીરી કરવાની રહેશે. વધુ સુનાવણી બે મહિના પછી રાખવામાં આવી છે.

જહાજો પર...

તાજેતરમાં ઈરાનની સર્વોચ્ચ નિર્ણય લેતી સંસ્થા તરીકે કાર્ય કરી રહી છે. પરિષદે જણાવ્યું હતું કે ગલ્ફ ક્ષેત્રમાં અમેરિકી સૈન્ય મથકોનો મોટાભાગનો પુરવઠો આ સમુદ્રધુની મારફતે આવતો હોવાથી, જ્યાં સુધી યુદ્ધ સંપૂર્ણપણે સમાપ્ત ન થાય ત્યાં સુધી ઈરાન આ માર્ગ પરથી થતી અવરજવર પર દેખરેખ અને નિયંત્રણ જાળવી રાખવા મક્કમ છે. આનો અર્થ એ છે કે વહાણોએ ઈરાન દ્વારા નિર્ધારિત માર્ગોનો ઉપયોગ કરવો પડશે, ફી ચૂકવવી પડશે અને ટ્રાન્ઝિટ સર્ટિફિકેટ મેળવવું પડશે.

એક ભારતીય...

ઓફ ઇન્ડિયા (SCI) નું આ ટેન્કર વર્ષની શરૂઆતથી અત્યાર સુધીમાં આ સામુદ્રધુની ઓળંગનાર ૧૦મું ભારતીય ધ્વજ ધરાવતું જહાજ છે. આની વિરુદ્ધમાં, 'વેરી લાર્જ ક્રૂડ કેરિયર' સનમાર હેરાલ્ડ અને બલ્ક કેરિયર જહાજોને પણ આ માર્ગ પરથી પસાર થવાની મંજૂરી અપાઈ હતી.

ટ્રમ્પ આવવાની...

જિલ્લાના અધિકારક્ષેત્રમાં આવે છે, પરંતુ મુસાફરોએ ઇસ્લામાબાદ પહોંચવા માટે રાવલપિંડી જિલ્લાના વિસ્તારમાંથી પસાર થવું પડે છે. રાવલપિંડીમાં આટલી મોટી સુરક્ષા વ્યવસ્થા સાથે સત્તાવાળાઓએ જણાવ્યું છે કે, ગયા અઠવાડિયે ટ્રમ્પે ઈરાન સાથેના કરાર પર હસ્તાક્ષર કરવા માટે પાકિસ્તાનની મુલાકાત લેવાની શક્યતા દર્શાવ્યા બાદ તેઓ કોઈ પણ પ્રકારનું જોખમ લેવા માંગતા નથી. એક્સપ્રેસ ટ્રિબ્યુન અખબારે અહેવાલ આપ્યો છે કે રાવલપિંડીમાં ડ્રોન ઉડાડવા, કબૂતર ઉડાડવા અને હવાઈ ફાયરિંગ પર સંપૂર્ણ પ્રતિબંધ લાદવામાં આવ્યો છે. અધિકારીઓનું કહેવું છે કે આ પગલાંનો ઉદ્દેશ્ય ઉચ્ચ સ્તરીય વિદેશી પ્રતિનિધિમંડળોને લાવતા વિમાનોની સુરક્ષા સુનિશ્ચિત કરવાનો છે. પોલીસે પુષ્ટિ કરી છે કે રાવલપિંડીમાં, ખાસ કરીને નૂર ખાન એરબેઝની આસપાસ સુરક્ષા વધારી દેવાઈ છે.

ઈરાન કરાર...

રાજદૂતને વિદેશ સચિવ સાથેની બેઠક માટે બોલાવવામાં આવ્યા હતા. બેઠક દરમિયાન, વિદેશ સચિવે હોર્મુઝની સામુદ્રધુનીમાં બે ભારતીય જહાજો સાથે બનેલી ફાયરિંગની ઘટના અંગે ભારતની ગંભીર ચિંતા વ્યક્ત કરી હતી.

માર્ગ સુરક્ષા...

જિલ્લાના અધિકારીઓએ જણાવ્યું હતું કે માર્ગ સલામતી માટે ખાસ ઝુંબેશ હાથ ધરવામાં આવશે અને નિયમભંગ કરનારાઓ સામે કડક કાર્યવાહી કરવામાં આવશે.

નાસતા ફરતા...

પોલીસે નાસતા ફરતા આરોપીઓને ઝડપી લેવા માટે અલગ અલગ ટીમો બનાવી છે અને ટેકનિકલ સર્વેલન્સના આધારે તપાસ આગળ ધપાવી છે.
